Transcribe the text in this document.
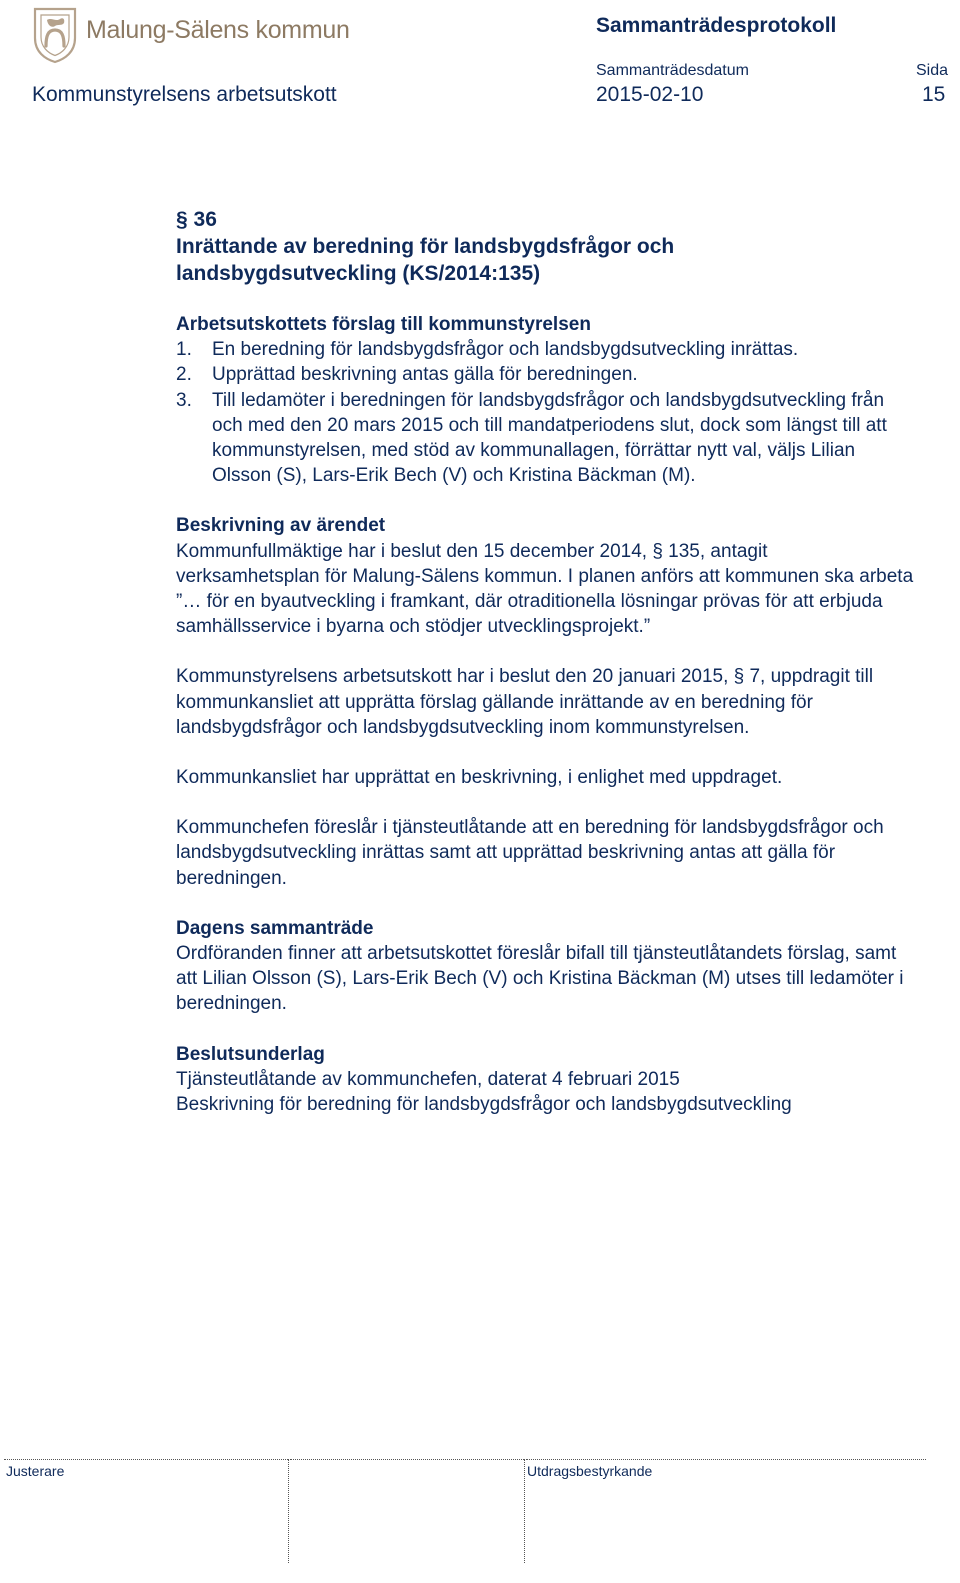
Malung-Sälens kommun	Sammanträdesprotokoll
Sammanträdesdatum	Sida
Kommunstyrelsens arbetsutskott	2015-02-10	15
§ 36
Inrättande av beredning för landsbygdsfrågor och
landsbygdsutveckling (KS/2014:135)

Arbetsutskottets förslag till kommunstyrelsen

1.	En beredning för landsbygdsfrågor och landsbygdsutveckling inrättas.
2.	Upprättad beskrivning antas gälla för beredningen.
3.	Till ledamöter i beredningen för landsbygdsfrågor och landsbygdsutveckling från och med den 20 mars 2015 och till mandatperiodens slut, dock som längst till att kommunstyrelsen, med stöd av kommunallagen, förrättar nytt val, väljs Lilian Olsson (S), Lars-Erik Bech (V) och Kristina Bäckman (M).

Beskrivning av ärendet

Kommunfullmäktige har i beslut den 15 december 2014, § 135, antagit verksamhetsplan för Malung-Sälens kommun. I planen anförs att kommunen ska arbeta ”… för en byautveckling i framkant, där otraditionella lösningar prövas för att erbjuda samhällsservice i byarna och stödjer utvecklingsprojekt.”

Kommunstyrelsens arbetsutskott har i beslut den 20 januari 2015, § 7, uppdragit till kommunkansliet att upprätta förslag gällande inrättande av en beredning för landsbygdsfrågor och landsbygdsutveckling inom kommunstyrelsen.

Kommunkansliet har upprättat en beskrivning, i enlighet med uppdraget.

Kommunchefen föreslår i tjänsteutlåtande att en beredning för landsbygdsfrågor och landsbygdsutveckling inrättas samt att upprättad beskrivning antas att gälla för beredningen.

Dagens sammanträde

Ordföranden finner att arbetsutskottet föreslår bifall till tjänsteutlåtandets förslag, samt att Lilian Olsson (S), Lars-Erik Bech (V) och Kristina Bäckman (M) utses till ledamöter i beredningen.

Beslutsunderlag

Tjänsteutlåtande av kommunchefen, daterat 4 februari 2015

Beskrivning för beredning för landsbygdsfrågor och landsbygdsutveckling

Justerare	Utdragsbestyrkande
